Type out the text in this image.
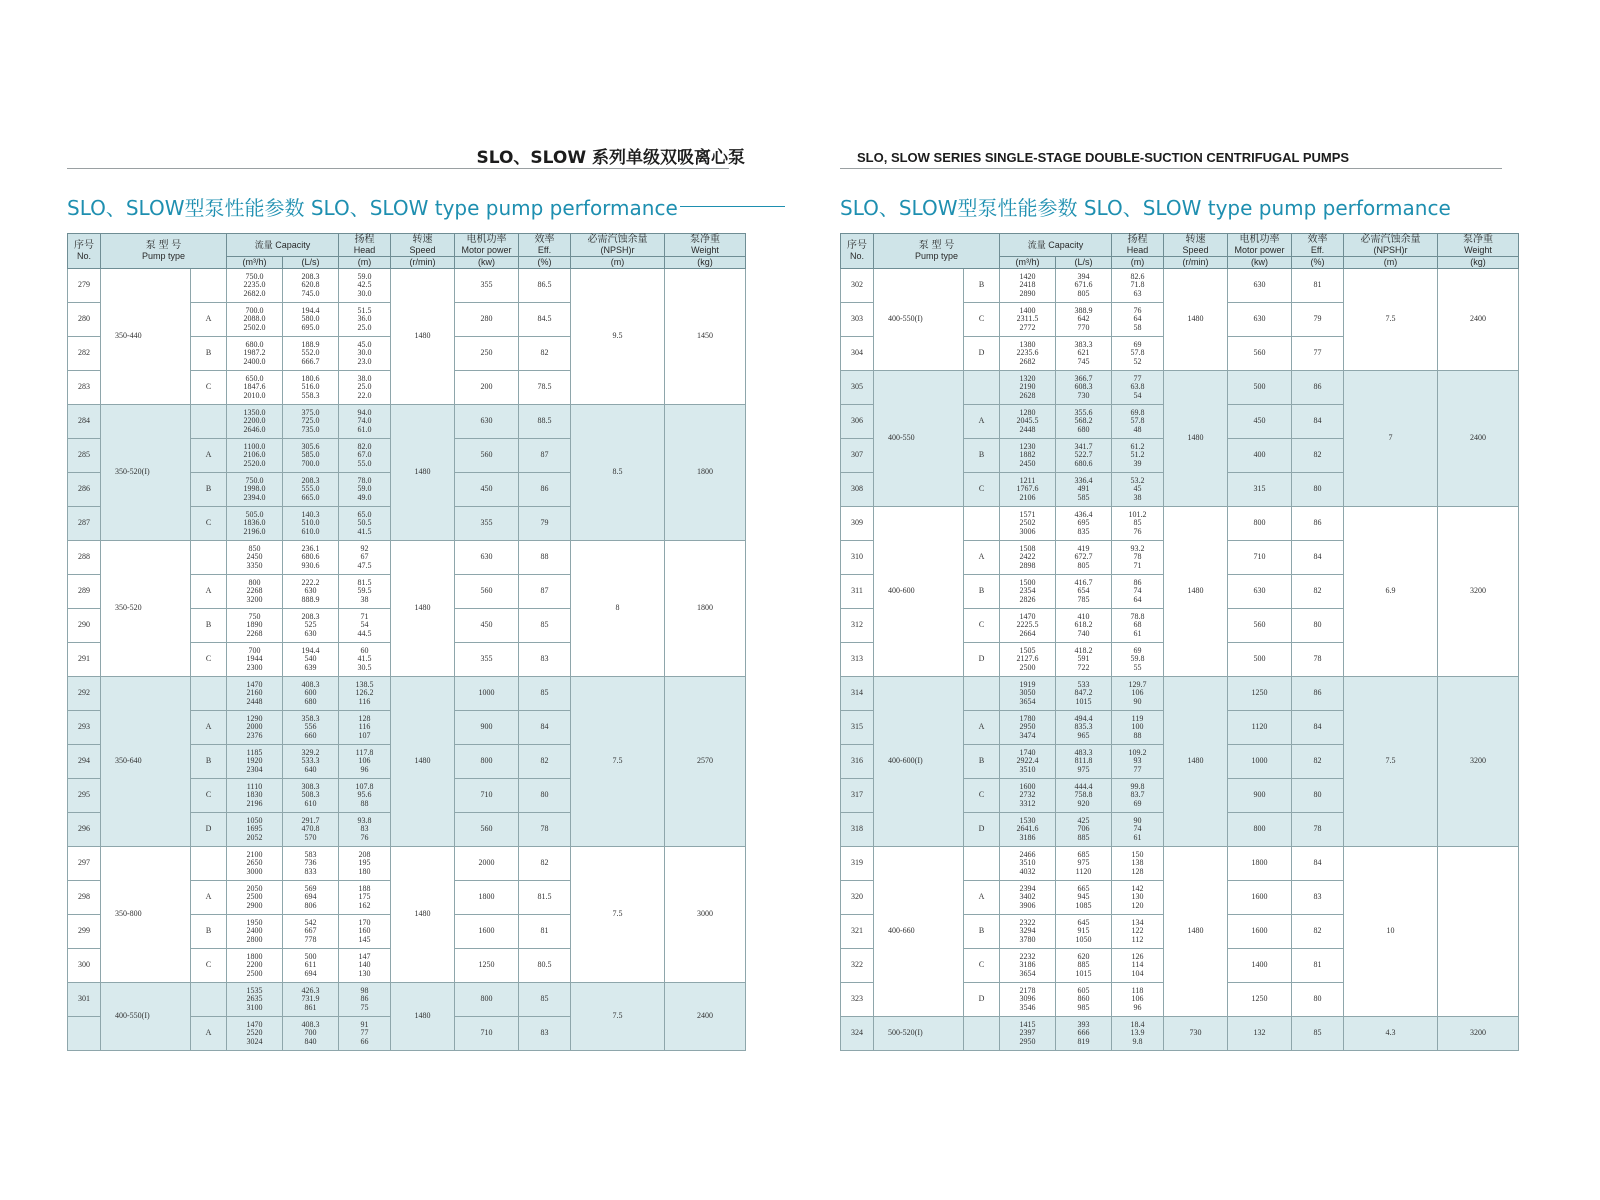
SLO、SLOW 系列单级双吸离心泵
SLO、SLOW型泵性能参数 SLO、SLOW type pump performance
序号
No.	泵 型 号
Pump type		流量 Capacity		扬程
Head	转速
Speed	电机功率
Motor power	效率
Eff.	必需汽蚀余量
(NPSH)r	泵净重
Weight
			(m³/h)	(L/s)	(m)	(r/min)	(kw)	(%)	(m)	(kg)
279	350-440		750.0
2235.0
2682.0	208.3
620.8
745.0	59.0
42.5
30.0	1480	355	86.5	9.5	1450
280		A	700.0
2088.0
2502.0	194.4
580.0
695.0	51.5
36.0
25.0		280	84.5		
282		B	680.0
1987.2
2400.0	188.9
552.0
666.7	45.0
30.0
23.0		250	82		
283		C	650.0
1847.6
2010.0	180.6
516.0
558.3	38.0
25.0
22.0		200	78.5		
284	350-520(I)		1350.0
2200.0
2646.0	375.0
725.0
735.0	94.0
74.0
61.0	1480	630	88.5	8.5	1800
285		A	1100.0
2106.0
2520.0	305.6
585.0
700.0	82.0
67.0
55.0		560	87		
286		B	750.0
1998.0
2394.0	208.3
555.0
665.0	78.0
59.0
49.0		450	86		
287		C	505.0
1836.0
2196.0	140.3
510.0
610.0	65.0
50.5
41.5		355	79		
288	350-520		850
2450
3350	236.1
680.6
930.6	92
67
47.5	1480	630	88	8	1800
289		A	800
2268
3200	222.2
630
888.9	81.5
59.5
38		560	87		
290		B	750
1890
2268	208.3
525
630	71
54
44.5		450	85		
291		C	700
1944
2300	194.4
540
639	60
41.5
30.5		355	83		
292	350-640		1470
2160
2448	408.3
600
680	138.5
126.2
116	1480	1000	85	7.5	2570
293		A	1290
2000
2376	358.3
556
660	128
116
107		900	84		
294		B	1185
1920
2304	329.2
533.3
640	117.8
106
96		800	82		
295		C	1110
1830
2196	308.3
508.3
610	107.8
95.6
88		710	80		
296		D	1050
1695
2052	291.7
470.8
570	93.8
83
76		560	78		
297	350-800		2100
2650
3000	583
736
833	208
195
180	1480	2000	82	7.5	3000
298		A	2050
2500
2900	569
694
806	188
175
162		1800	81.5		
299		B	1950
2400
2800	542
667
778	170
160
145		1600	81		
300		C	1800
2200
2500	500
611
694	147
140
130		1250	80.5		
301	400-550(I)		1535
2635
3100	426.3
731.9
861	98
86
75	1480	800	85	7.5	2400
		A	1470
2520
3024	408.3
700
840	91
77
66		710	83		
SLO, SLOW SERIES SINGLE-STAGE DOUBLE-SUCTION CENTRIFUGAL PUMPS
SLO、SLOW型泵性能参数 SLO、SLOW type pump performance
序号
No.	泵 型 号
Pump type		流量 Capacity		扬程
Head	转速
Speed	电机功率
Motor power	效率
Eff.	必需汽蚀余量
(NPSH)r	泵净重
Weight
			(m³/h)	(L/s)	(m)	(r/min)	(kw)	(%)	(m)	(kg)
302	400-550(I)	B	1420
2418
2890	394
671.6
805	82.6
71.8
63	1480	630	81	7.5	2400
303		C	1400
2311.5
2772	388.9
642
770	76
64
58		630	79		
304		D	1380
2235.6
2682	383.3
621
745	69
57.8
52		560	77		
305	400-550		1320
2190
2628	366.7
608.3
730	77
63.8
54	1480	500	86	7	2400
306		A	1280
2045.5
2448	355.6
568.2
680	69.8
57.8
48		450	84		
307		B	1230
1882
2450	341.7
522.7
680.6	61.2
51.2
39		400	82		
308		C	1211
1767.6
2106	336.4
491
585	53.2
45
38		315	80		
309	400-600		1571
2502
3006	436.4
695
835	101.2
85
76	1480	800	86	6.9	3200
310		A	1508
2422
2898	419
672.7
805	93.2
78
71		710	84		
311		B	1500
2354
2826	416.7
654
785	86
74
64		630	82		
312		C	1470
2225.5
2664	410
618.2
740	78.8
68
61		560	80		
313		D	1505
2127.6
2500	418.2
591
722	69
59.8
55		500	78		
314	400-600(I)		1919
3050
3654	533
847.2
1015	129.7
106
90	1480	1250	86	7.5	3200
315		A	1780
2950
3474	494.4
835.3
965	119
100
88		1120	84		
316		B	1740
2922.4
3510	483.3
811.8
975	109.2
93
77		1000	82		
317		C	1600
2732
3312	444.4
758.8
920	99.8
83.7
69		900	80		
318		D	1530
2641.6
3186	425
706
885	90
74
61		800	78		
319	400-660		2466
3510
4032	685
975
1120	150
138
128	1480	1800	84	10	
320		A	2394
3402
3906	665
945
1085	142
130
120		1600	83		
321		B	2322
3294
3780	645
915
1050	134
122
112		1600	82		
322		C	2232
3186
3654	620
885
1015	126
114
104		1400	81		
323		D	2178
3096
3546	605
860
985	118
106
96		1250	80		
324	500-520(I)		1415
2397
2950	393
666
819	18.4
13.9
9.8	730	132	85	4.3	3200
